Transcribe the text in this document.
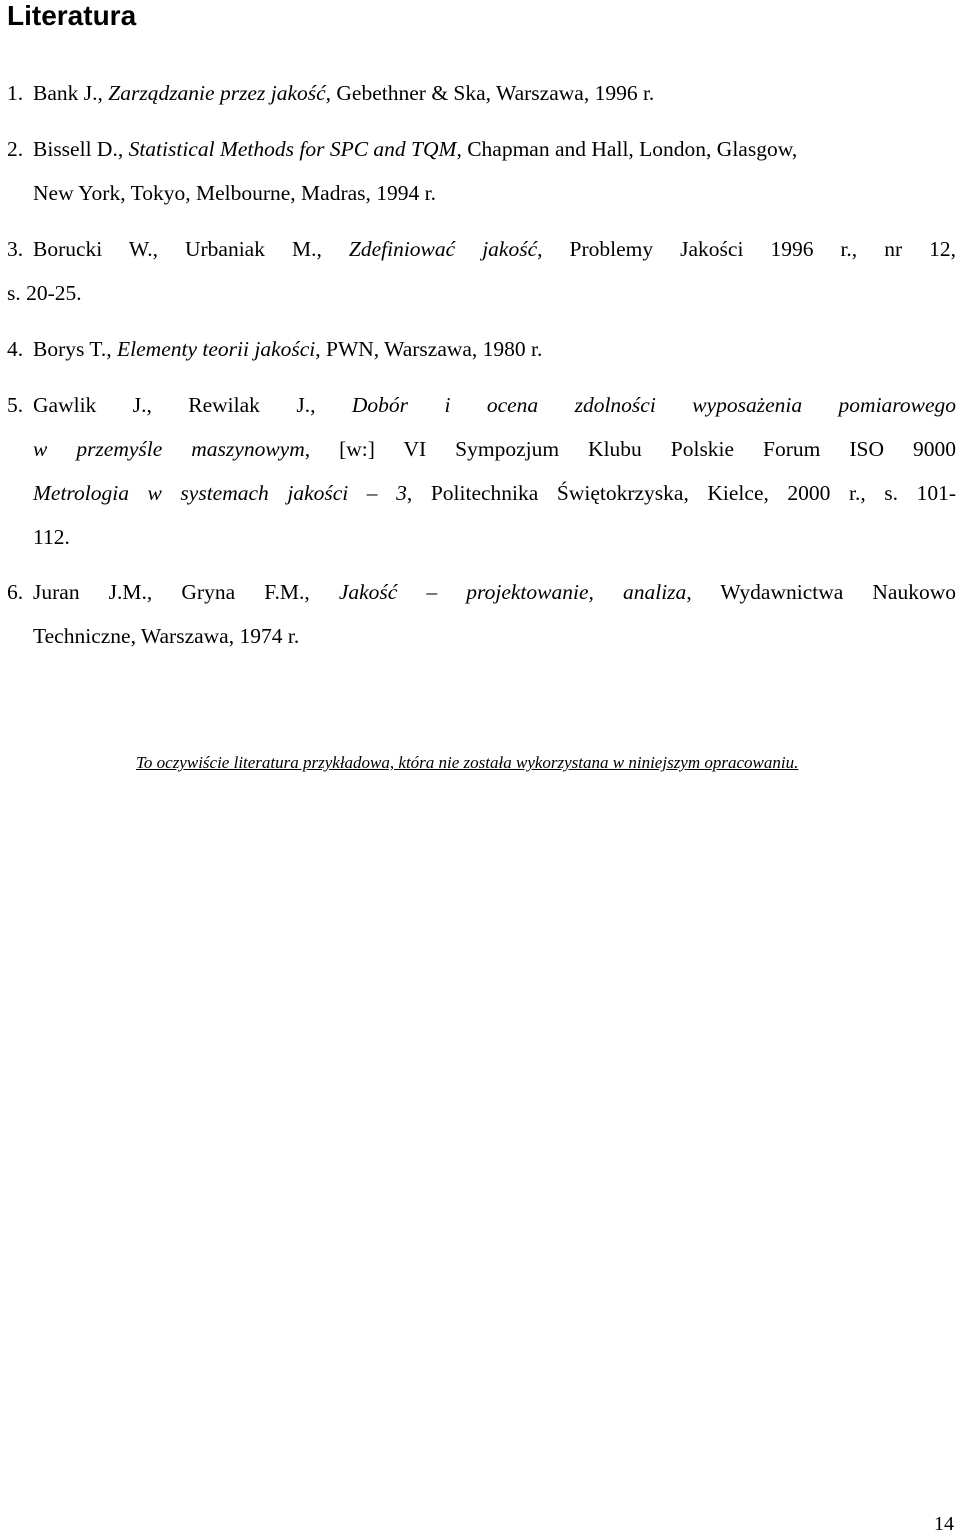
Literatura
1. Bank J., Zarządzanie przez jakość, Gebethner & Ska, Warszawa, 1996 r.
2. Bissell D., Statistical Methods for SPC and TQM, Chapman and Hall, London, Glasgow,
New York, Tokyo, Melbourne, Madras, 1994 r.
3. Borucki W., Urbaniak M., Zdefiniować jakość, Problemy Jakości 1996 r., nr 12,
s. 20-25.
4. Borys T., Elementy teorii jakości, PWN, Warszawa, 1980 r.
5. Gawlik J., Rewilak J., Dobór i ocena zdolności wyposażenia pomiarowego
w przemyśle maszynowym, [w:] VI Sympozjum Klubu Polskie Forum ISO 9000
Metrologia w systemach jakości – 3, Politechnika Świętokrzyska, Kielce, 2000 r., s. 101-
112.
6. Juran J.M., Gryna F.M., Jakość – projektowanie, analiza, Wydawnictwa Naukowo
Techniczne, Warszawa, 1974 r.
To oczywiście literatura przykładowa, która nie została wykorzystana w niniejszym opracowaniu.
14
